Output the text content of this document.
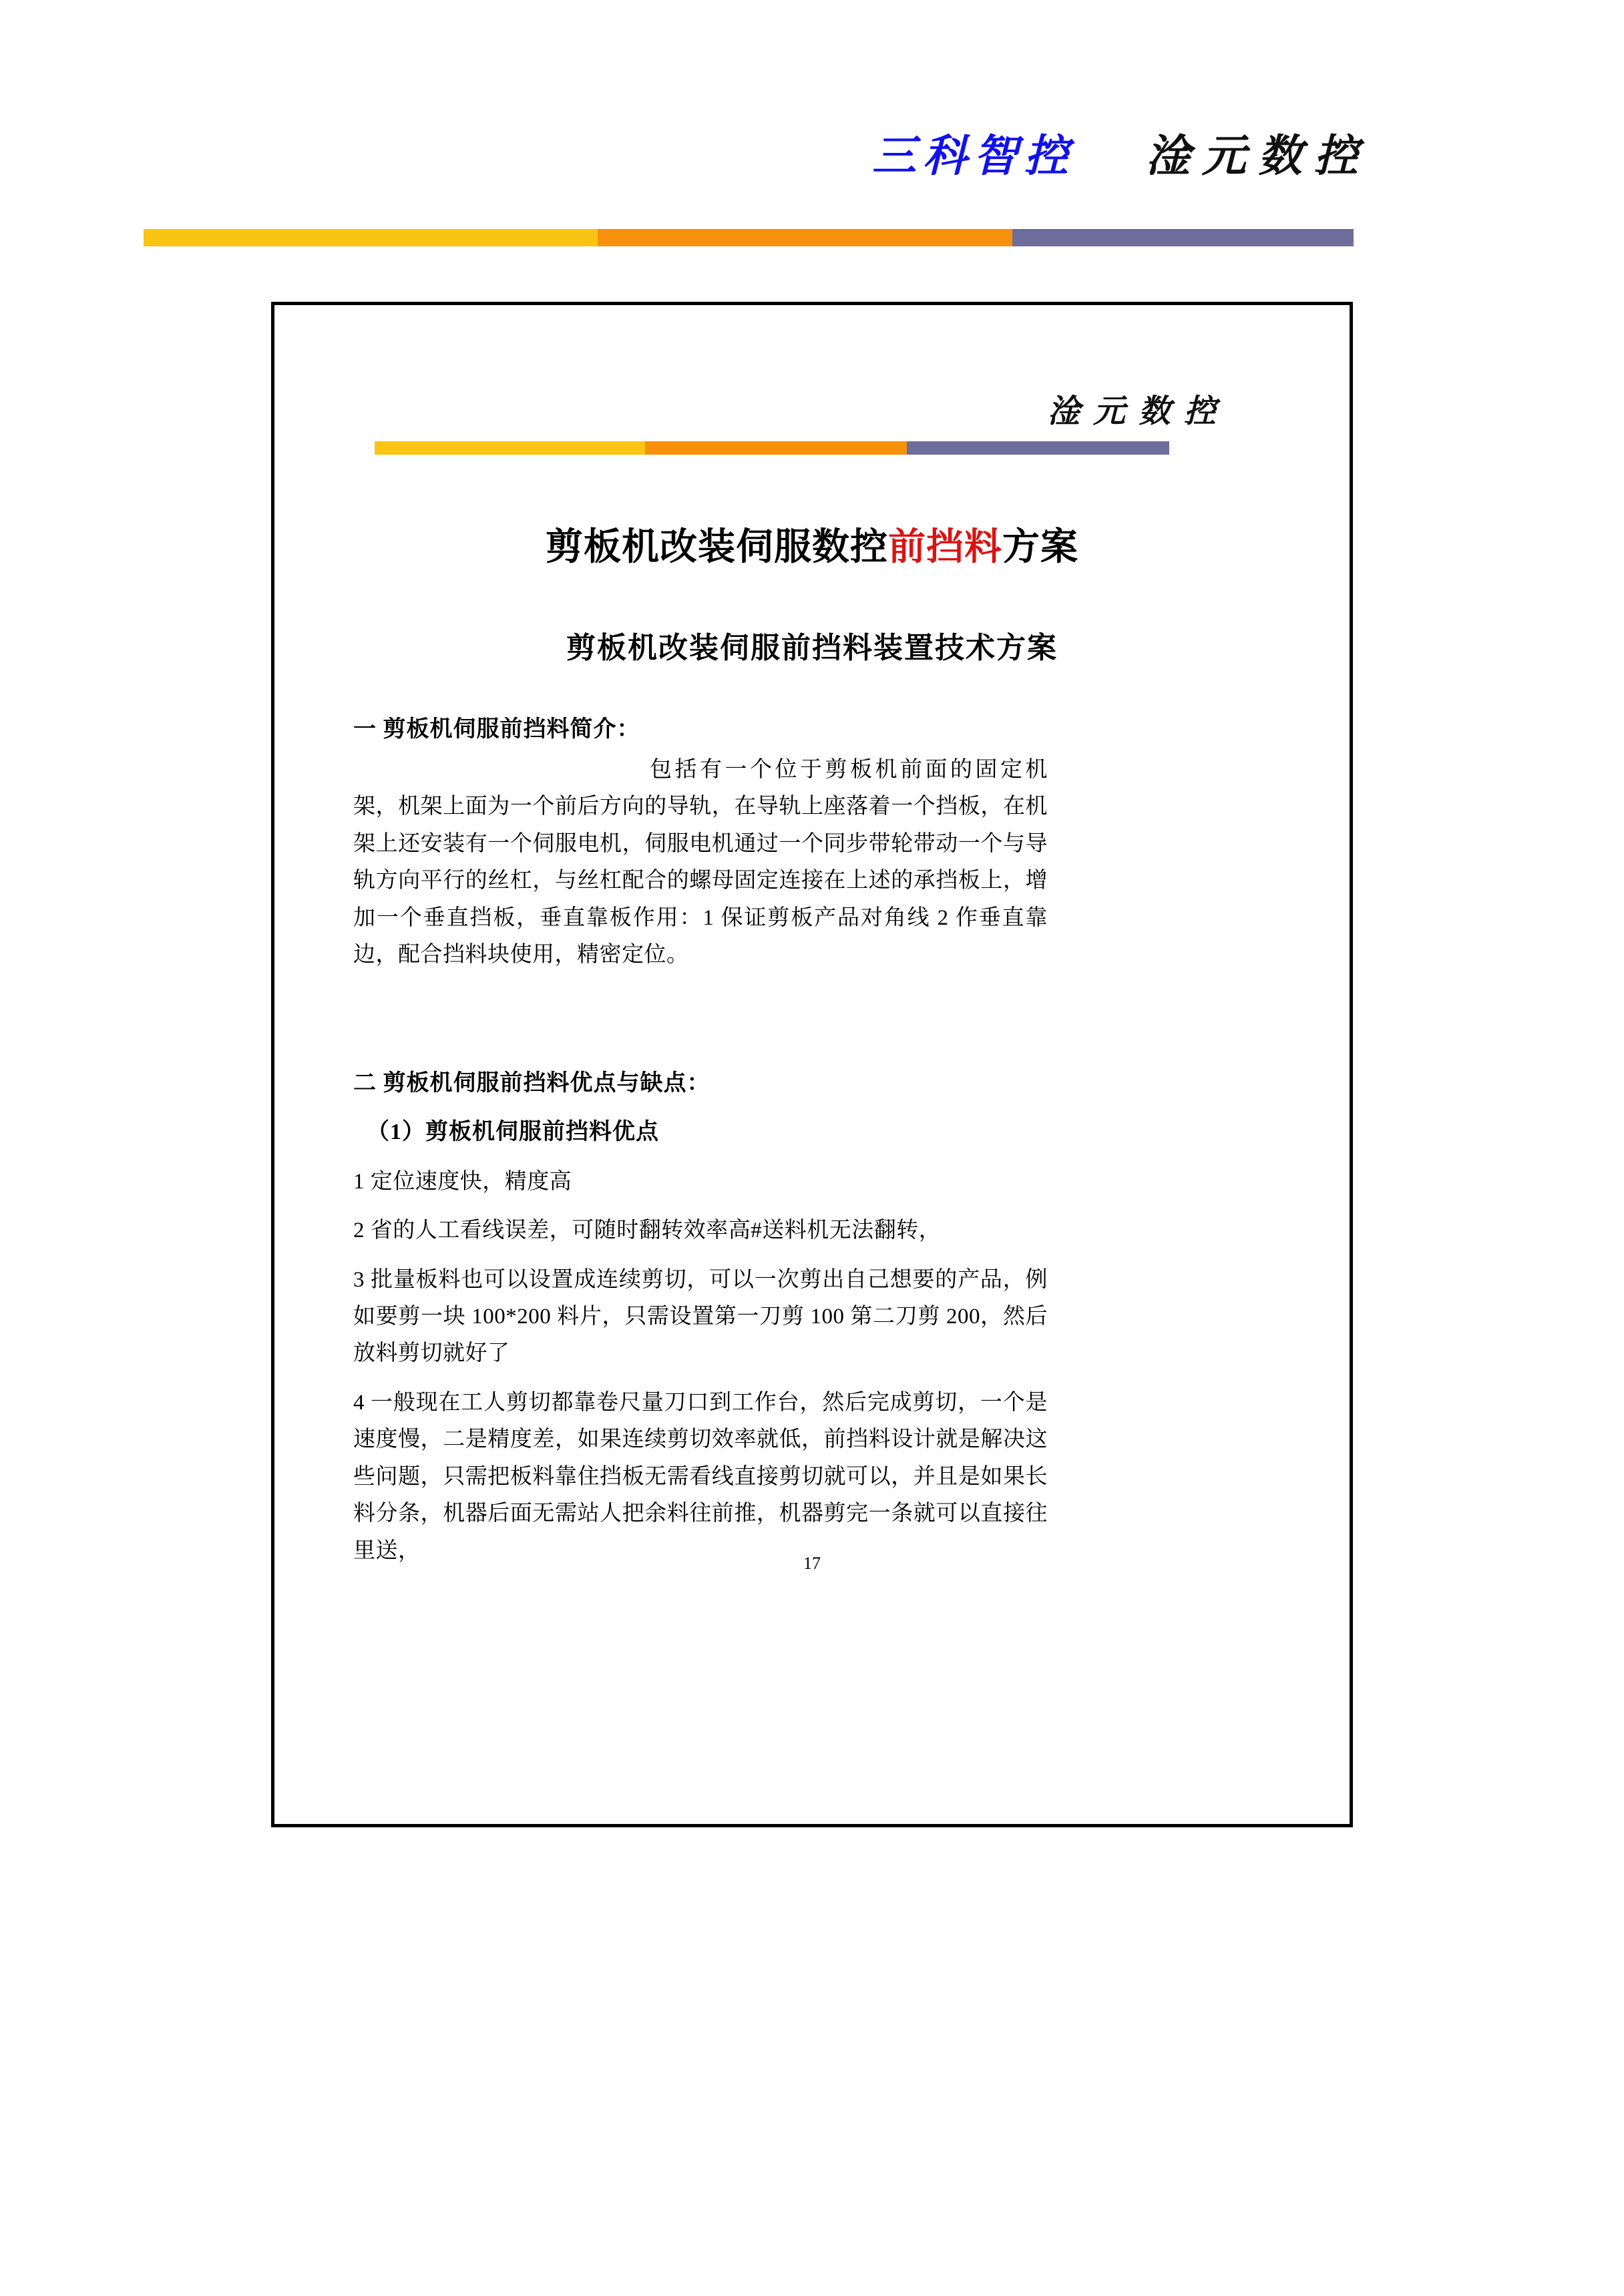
三科智控 淦元数控
淦元数控
剪板机改装伺服数控前挡料方案
剪板机改装伺服前挡料装置技术方案
一 剪板机伺服前挡料简介：

包括有一个位于剪板机前面的固定机架，机架上面为一个前后方向的导轨，在导轨上座落着一个挡板，在机架上还安装有一个伺服电机，伺服电机通过一个同步带轮带动一个与导轨方向平行的丝杠，与丝杠配合的螺母固定连接在上述的承挡板上，增加一个垂直挡板，垂直靠板作用：1 保证剪板产品对角线 2 作垂直靠边，配合挡料块使用，精密定位。

二 剪板机伺服前挡料优点与缺点：
（1）剪板机伺服前挡料优点

1 定位速度快，精度高

2 省的人工看线误差，可随时翻转效率高#送料机无法翻转，

3 批量板料也可以设置成连续剪切，可以一次剪出自己想要的产品，例如要剪一块 100*200 料片，只需设置第一刀剪 100 第二刀剪 200，然后放料剪切就好了

4 一般现在工人剪切都靠卷尺量刀口到工作台，然后完成剪切，一个是速度慢，二是精度差，如果连续剪切效率就低，前挡料设计就是解决这些问题，只需把板料靠住挡板无需看线直接剪切就可以，并且是如果长料分条，机器后面无需站人把余料往前推，机器剪完一条就可以直接往里送，

17
